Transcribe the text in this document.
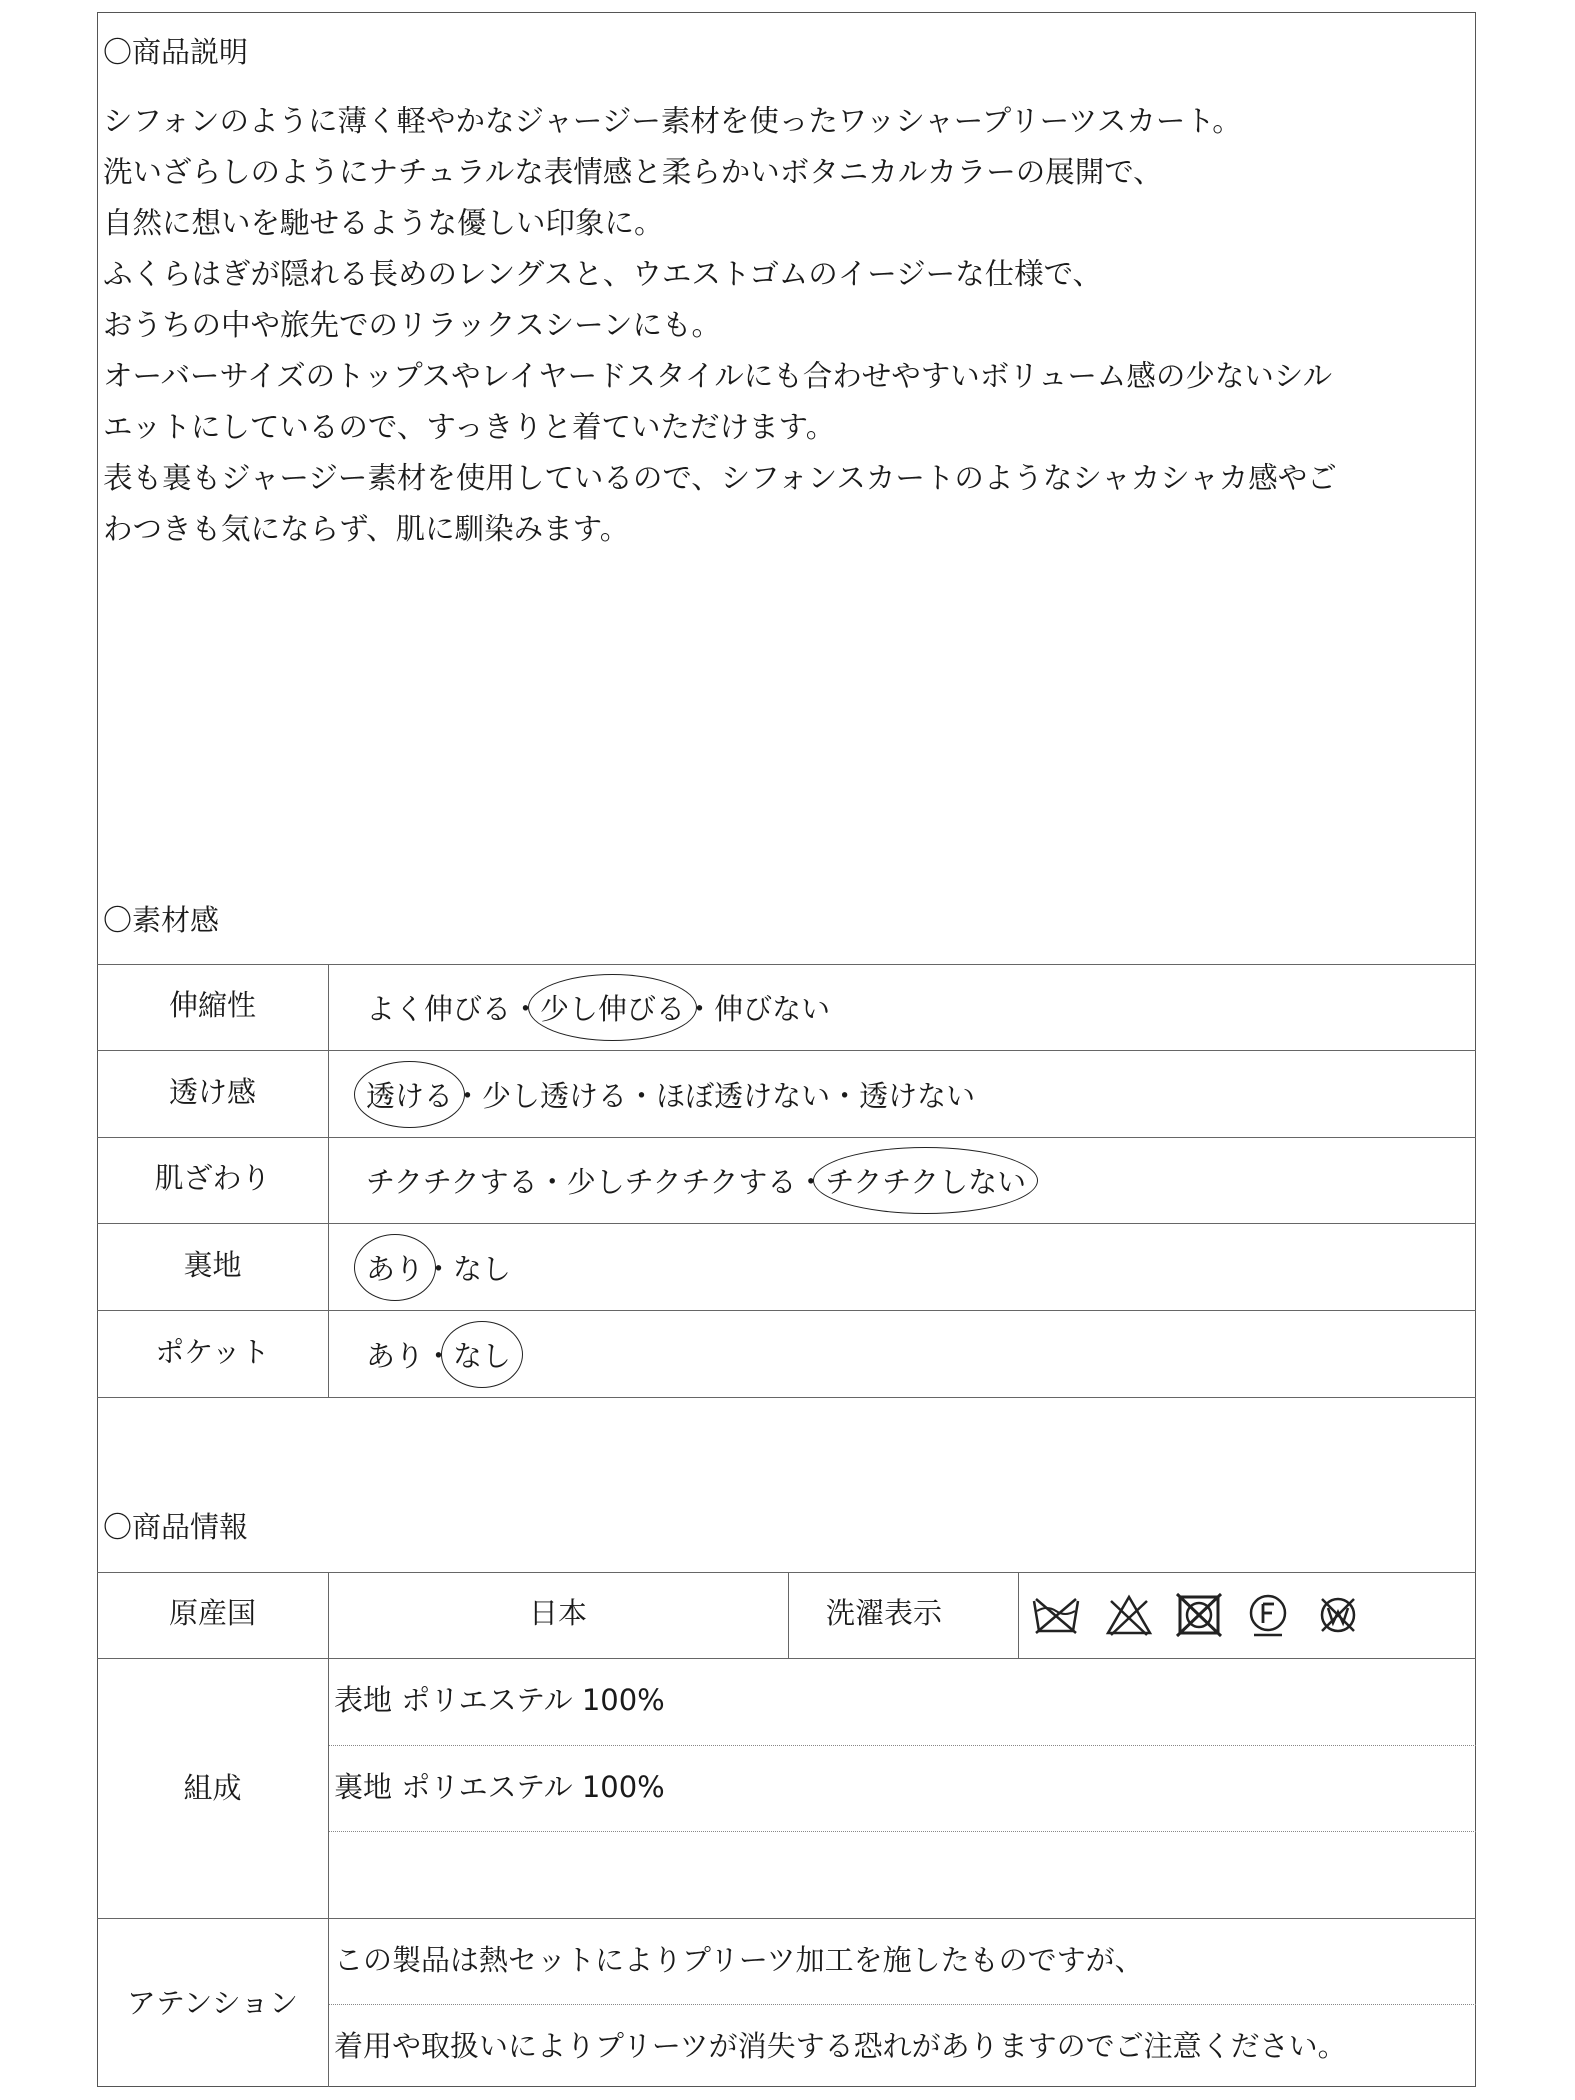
〇商品説明
シフォンのように薄く軽やかなジャージー素材を使ったワッシャープリーツスカート。
洗いざらしのようにナチュラルな表情感と柔らかいボタニカルカラーの展開で、
自然に想いを馳せるような優しい印象に。
ふくらはぎが隠れる長めのレングスと、ウエストゴムのイージーな仕様で、
おうちの中や旅先でのリラックスシーンにも。
オーバーサイズのトップスやレイヤードスタイルにも合わせやすいボリューム感の少ないシル
エットにしているので、すっきりと着ていただけます。
表も裏もジャージー素材を使用しているので、シフォンスカートのようなシャカシャカ感やご
わつきも気にならず、肌に馴染みます。
〇素材感
伸縮性
透け感
肌ざわり
裏地
ポケット
よく伸びる・少し伸びる・伸びない
透ける・少し透ける・ほぼ透けない・透けない
チクチクする・少しチクチクする・チクチクしない
あり・なし
あり・なし
〇商品情報
原産国	日本	洗濯表示
組成
表地 ポリエステル 100%
裏地 ポリエステル 100%
アテンション
この製品は熱セットによりプリーツ加工を施したものですが、
着用や取扱いによりプリーツが消失する恐れがありますのでご注意ください。
